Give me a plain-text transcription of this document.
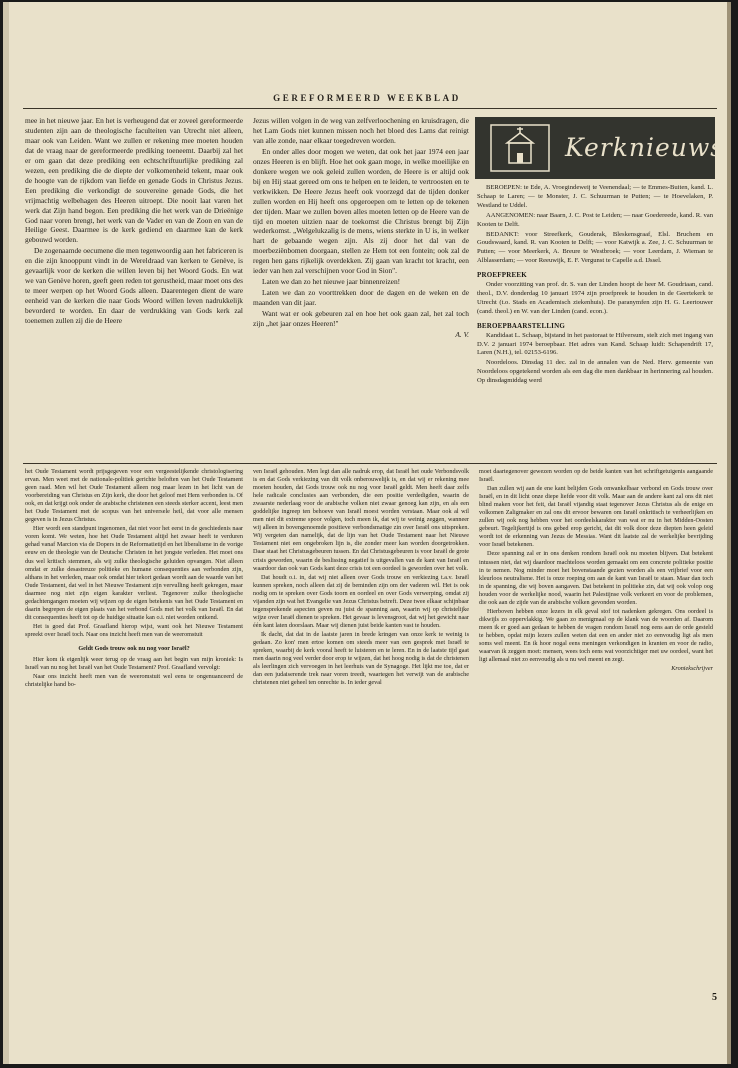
GEREFORMEERD WEEKBLAD

mee in het nieuwe jaar. En het is verheugend dat er zoveel gereformeerde studenten zijn aan de theologische faculteiten van Utrecht niet alleen, maar ook van Leiden. Want we zullen er rekening mee moeten houden dat de vraag naar de gereformeerde prediking toeneemt. Daarbij zal het er om gaan dat deze prediking een echtschriftuurlijke prediking zal wezen, een prediking die de diepte der volkomenheid tekent, maar ook de hoogte van de rijkdom van liefde en genade Gods in Christus Jezus. Een prediking die verkondigt de souvereine genade Gods, die het vrijmachtig welbehagen des Heeren uitroept. Die nooit laat varen het werk dat Zijn hand begon. Een prediking die het werk van de Drieënige God naar voren brengt, het werk van de Vader en van de Zoon en van de Heilige Geest. Daarmee is de kerk gediend en daarmee kan de kerk gebouwd worden.

De zogenaamde oecumene die men tegenwoordig aan het fabriceren is en die zijn knooppunt vindt in de Wereldraad van kerken te Genève, is gevaarlijk voor de kerken die willen leven bij het Woord Gods. En wat we van Genève horen, geeft geen reden tot gerustheid, maar moet ons des te meer werpen op het Woord Gods alleen. Daarentegen dient de ware eenheid van de kerken die naar Gods Woord willen leven nadrukkelijk bevorderd te worden. En daar de verdrukking van Gods kerk zal toenemen zullen zij die de Heere

Jezus willen volgen in de weg van zelfverloochening en kruisdragen, die het Lam Gods niet kunnen missen noch het bloed des Lams dat reinigt van alle zonde, naar elkaar toegedreven worden.

En onder alles door mogen we weten, dat ook het jaar 1974 een jaar onzes Heeren is en blijft. Hoe het ook gaan moge, in welke moeilijke en donkere wegen we ook geleid zullen worden, de Heere is er altijd ook bij en Hij staat gereed om ons te helpen en te leiden, te vertroosten en te verkwikken. De Heere Jezus heeft ook voorzegd dat de tijden donker zullen worden en Hij heeft ons opgeroepen om te letten op de tekenen der tijden. Maar we zullen boven alles moeten letten op de Heere van de tijd en moeten uitzien naar de toekomst die Christus brengt bij Zijn wederkomst. „Welgelukzalig is de mens, wiens sterkte in U is, in welker hart de gebaande wegen zijn. Als zij door het dal van de moerbeziënbomen doorgaan, stellen ze Hem tot een fontein; ook zal de regen hen gans rijkelijk overdekken. Zij gaan van kracht tot kracht, een ieder van hen zal verschijnen voor God in Sion".

Laten we dan zo het nieuwe jaar binnenreizen!

Laten we dan zo voorttrekken door de dagen en de weken en de maanden van dit jaar.

Want wat er ook gebeuren zal en hoe het ook gaan zal, het zal toch zijn „het jaar onzes Heeren!"

A. V.
Kerknieuws

BEROEPEN: te Ede, A. Vroegindeweij te Veenendaal; — te Emmes-Buiten, kand. L. Schaap te Laren; — te Monster, J. C. Schuurman te Putten; — te Hoevelaken, P. Westland te Uddel.

AANGENOMEN: naar Baarn, J. C. Post te Leiden; — naar Goedereede, kand. R. van Kooten te Delft.

BEDANKT: voor Streefkerk, Gouderak, Bleskensgraaf, Elsl. Bruchem en Goudswaard, kand. R. van Kooten te Delft; — voor Katwijk a. Zee, J. C. Schuurman te Putten; — voor Meerkerk, A. Breure te Westbroek; — voor Leerdam, J. Wieman te Alblasserdam; — voor Reeuwijk, E. F. Vergunst te Capelle a.d. IJssel.

PROEFPREEK

Onder voorzitting van prof. dr. S. van der Linden hoopt de heer M. Goudriaan, cand. theol., D.V. donderdag 10 januari 1974 zijn proefpreek te houden in de Geertekerk te Utrecht (t.o. Stads en Academisch ziekenhuis). De paranymfen zijn H. G. Leertouwer (cand. theol.) en W. van der Linden (cand. econ.).

BEROEPBAARSTELLING

Kandidaat L. Schaap, bijstand in het pastoraat te Hilversum, stelt zich met ingang van D.V. 2 januari 1974 beroepbaar. Het adres van Kand. Schaap luidt: Schapendrift 17, Laren (N.H.), tel. 02153-6196.

Noordeloos. Dinsdag 11 dec. zal in de annalen van de Ned. Herv. gemeente van Noordeloos opgetekend worden als een dag die men dankbaar in herinnering zal houden. Op dinsdagmiddag werd

het Oude Testament wordt prijsgegeven voor een vergeestelijkende christologisering ervan. Men weet met de nationale-politiek gerichte beloften van het Oude Testament geen raad. Men wil het Oude Testament alleen nog maar lezen in het licht van de voorbereiding van Christus en Zijn kerk, die door het geloof met Hem verbonden is. Of ook, en dat krijgt ook onder de arabische christenen een steeds sterker accent, leest men het Oude Testament met de scopus van het universele heil, dat voor alle mensen gegeven is in Jezus Christus.

Hier wordt een standpunt ingenomen, dat niet voor het eerst in de geschiedenis naar voren komt. We weten, hoe het Oude Testament altijd het zwaar heeft te verduren gehad vanaf Marcion via de Dopers in de Reformatietijd en het liberalisme in de vorige eeuw en de theologie van de Deutsche Christen in het jongste verleden. Het moet ons dus wel kritisch stemmen, als wij zulke theologische geluiden opvangen. Niet alleen omdat er zulke desastreuze politieke en humane consequenties aan verbonden zijn, althans in het verleden, maar ook omdat hier tekort gedaan wordt aan de waarde van het Oude Testament, dat wel in het Nieuwe Testament zijn vervulling heeft gekregen, maar daarmee nog niet zijn eigen karakter verliest. Tegenover zulke theologische gedachtengangen moeten wij wijzen op de eigen betekenis van het Oude Testament en daarin begrepen de eigen plaats van het verbond Gods met het volk van Israël. En dat dit consequenties heeft tot op de huidige situatie kan o.i. niet worden ontkend.

Het is goed dat Prof. Graafland hierop wijst, want ook het Nieuwe Testament spreekt over Israël toch. Naar ons inzicht heeft men van de weeromstuit

Geldt Gods trouw ook nu nog voor Israël?

Hier kom ik eigenlijk weer terug op de vraag aan het begin van mijn kroniek: Is Israël van nu nog het Israël van het Oude Testament? Prof. Graafland vervolgt:

Naar ons inzicht heeft men van de weeromstuit wel eens te ongenuanceerd de christelijke hand bo-

ven Israël gehouden. Men legt dan alle nadruk erop, dat Israël het oude Verbondsvolk is en dat Gods verkiezing van dit volk onberouwelijk is, en dat wij er rekening mee moeten houden, dat Gods trouw ook nu nog voor Israël geldt. Men heeft daar zelfs hele radicale conclusies aan verbonden, die een positie verdedigden, waarin de zwaarste nederlaag voor de arabische volken niet zwaar genoeg kan zijn, en als een goddelijke ingreep ten behoeve van Israël moest worden verstaan. Maar ook al wil men niet dit extreme spoor volgen, toch meen ik, dat wij te weinig zeggen, wanneer wij alleen in bovengenoemde positieve verbondsmatige zin over Israël ons uitspreken. Wij vergeten dan namelijk, dat de lijn van het Oude Testament naar het Nieuwe Testament niet een ongebroken lijn is, die zonder meer kan worden doorgetrokken. Daar staat het Christusgebeuren tussen. En dat Christusgebeuren is voor Israël de grote crisis geworden, waarin de beslissing negatief is uitgevallen van de kant van Israël en waardoor dan ook van Gods kant deze crisis tot een oordeel is geworden over het volk.

Dat houdt o.i. in, dat wij niet alleen over Gods trouw en verkiezing t.a.v. Israël kunnen spreken, noch alleen dat zij de beminden zijn om der vaderen wil. Het is ook nodig om te spreken over Gods toorn en oordeel en over Gods verwerping, omdat zij vijanden zijn wat het Evangelie van Jezus Christus betreft. Deze twee elkaar schijnbaar tegensprekende aspecten geven nu juist de spanning aan, waarin wij op christelijke wijze over Israël dienen te spreken. Het gevaar is levensgroot, dat wij het gewicht naar één kant laten doorslaan. Maar wij dienen juist beide kanten vast te houden.

Ik dacht, dat dat in de laatste jaren in brede kringen van onze kerk te weinig is gedaan. Zo kon' men ertoe komen om steeds meer van een gesprek met Israël te spreken, waarbij de kerk vooral heeft te luisteren en te leren. En in de laatste tijd gaat men daarin nog veel verder door erop te wijzen, dat het hoog nodig is dat de christenen als leerlingen zich vervoegen in het leerhuis van de Synagoge. Het lijkt me toe, dat er dan een judaiserende trek naar voren treedt, waartegen het verwijt van de arabische christenen niet geheel ten onrechte is. In ieder geval

moet daartegenover gewezen worden op de beide kanten van het schriftgetuigenis aangaande Israël.

Dan zullen wij aan de ene kant belijden Gods onwankelbaar verbond en Gods trouw over Israël, en in dit licht onze diepe liefde voor dit volk. Maar aan de andere kant zal ons dit niet blind maken voor het feit, dat Israël vijandig staat tegenover Jezus Christus als de enige en volkomen Zaligmaker en zal ons dit ervoor bewaren om Israël onkritisch te verheerlijken en zullen wij ook nog hebben voor het oordeelskarakter van wat er nu in het Midden-Oosten gebeurt. Tegelijkertijd is ons gebed erop gericht, dat dit volk door deze diepten heen geleid wordt tot de erkenning van Jezus de Messias. Want dit laatste zal de werkelijke bevrijding voor Israël betekenen.

Deze spanning zal er in ons denken rondom Israël ook nu moeten blijven. Dat betekent intussen niet, dat wij daardoor machteloos worden gemaakt om een concrete politieke positie in te nemen. Nog minder moet het bovenstaande gezien worden als een vrijbrief voor een kleurloos neutralisme. Het is onze roeping om aan de kant van Israël te staan. Maar dan toch in de spanning, die wij boven aangaven. Dat betekent in politieke zin, dat wij ook volop oog houden voor de werkelijke nood, waarin het Palestijnse volk verkeert en voor de problemen, die ook aan de zijde van de arabische volken gevonden worden.

Hierboven hebben onze lezers in elk geval stof tot nadenken gekregen. Ons oordeel is dikwijls zo oppervlakkig. We gaan zo menigmaal op de klank van de woorden af. Daarom meen ik er goed aan gedaan te hebben de vragen rondom Israël nog eens aan de orde gesteld te hebben, opdat mijn lezers zullen weten dat een en ander niet zo eenvoudig ligt als men soms wel meent. En ik hoor nogal eens meningen verkondigen in kranten en voor de radio, waarvan ik zeggen moet: mensen, wees toch eens wat voorzichtiger met uw oordeel, want het ligt allemaal niet zo eenvoudig als u nu wel meent en zegt.

Kroniekschrijver
5
